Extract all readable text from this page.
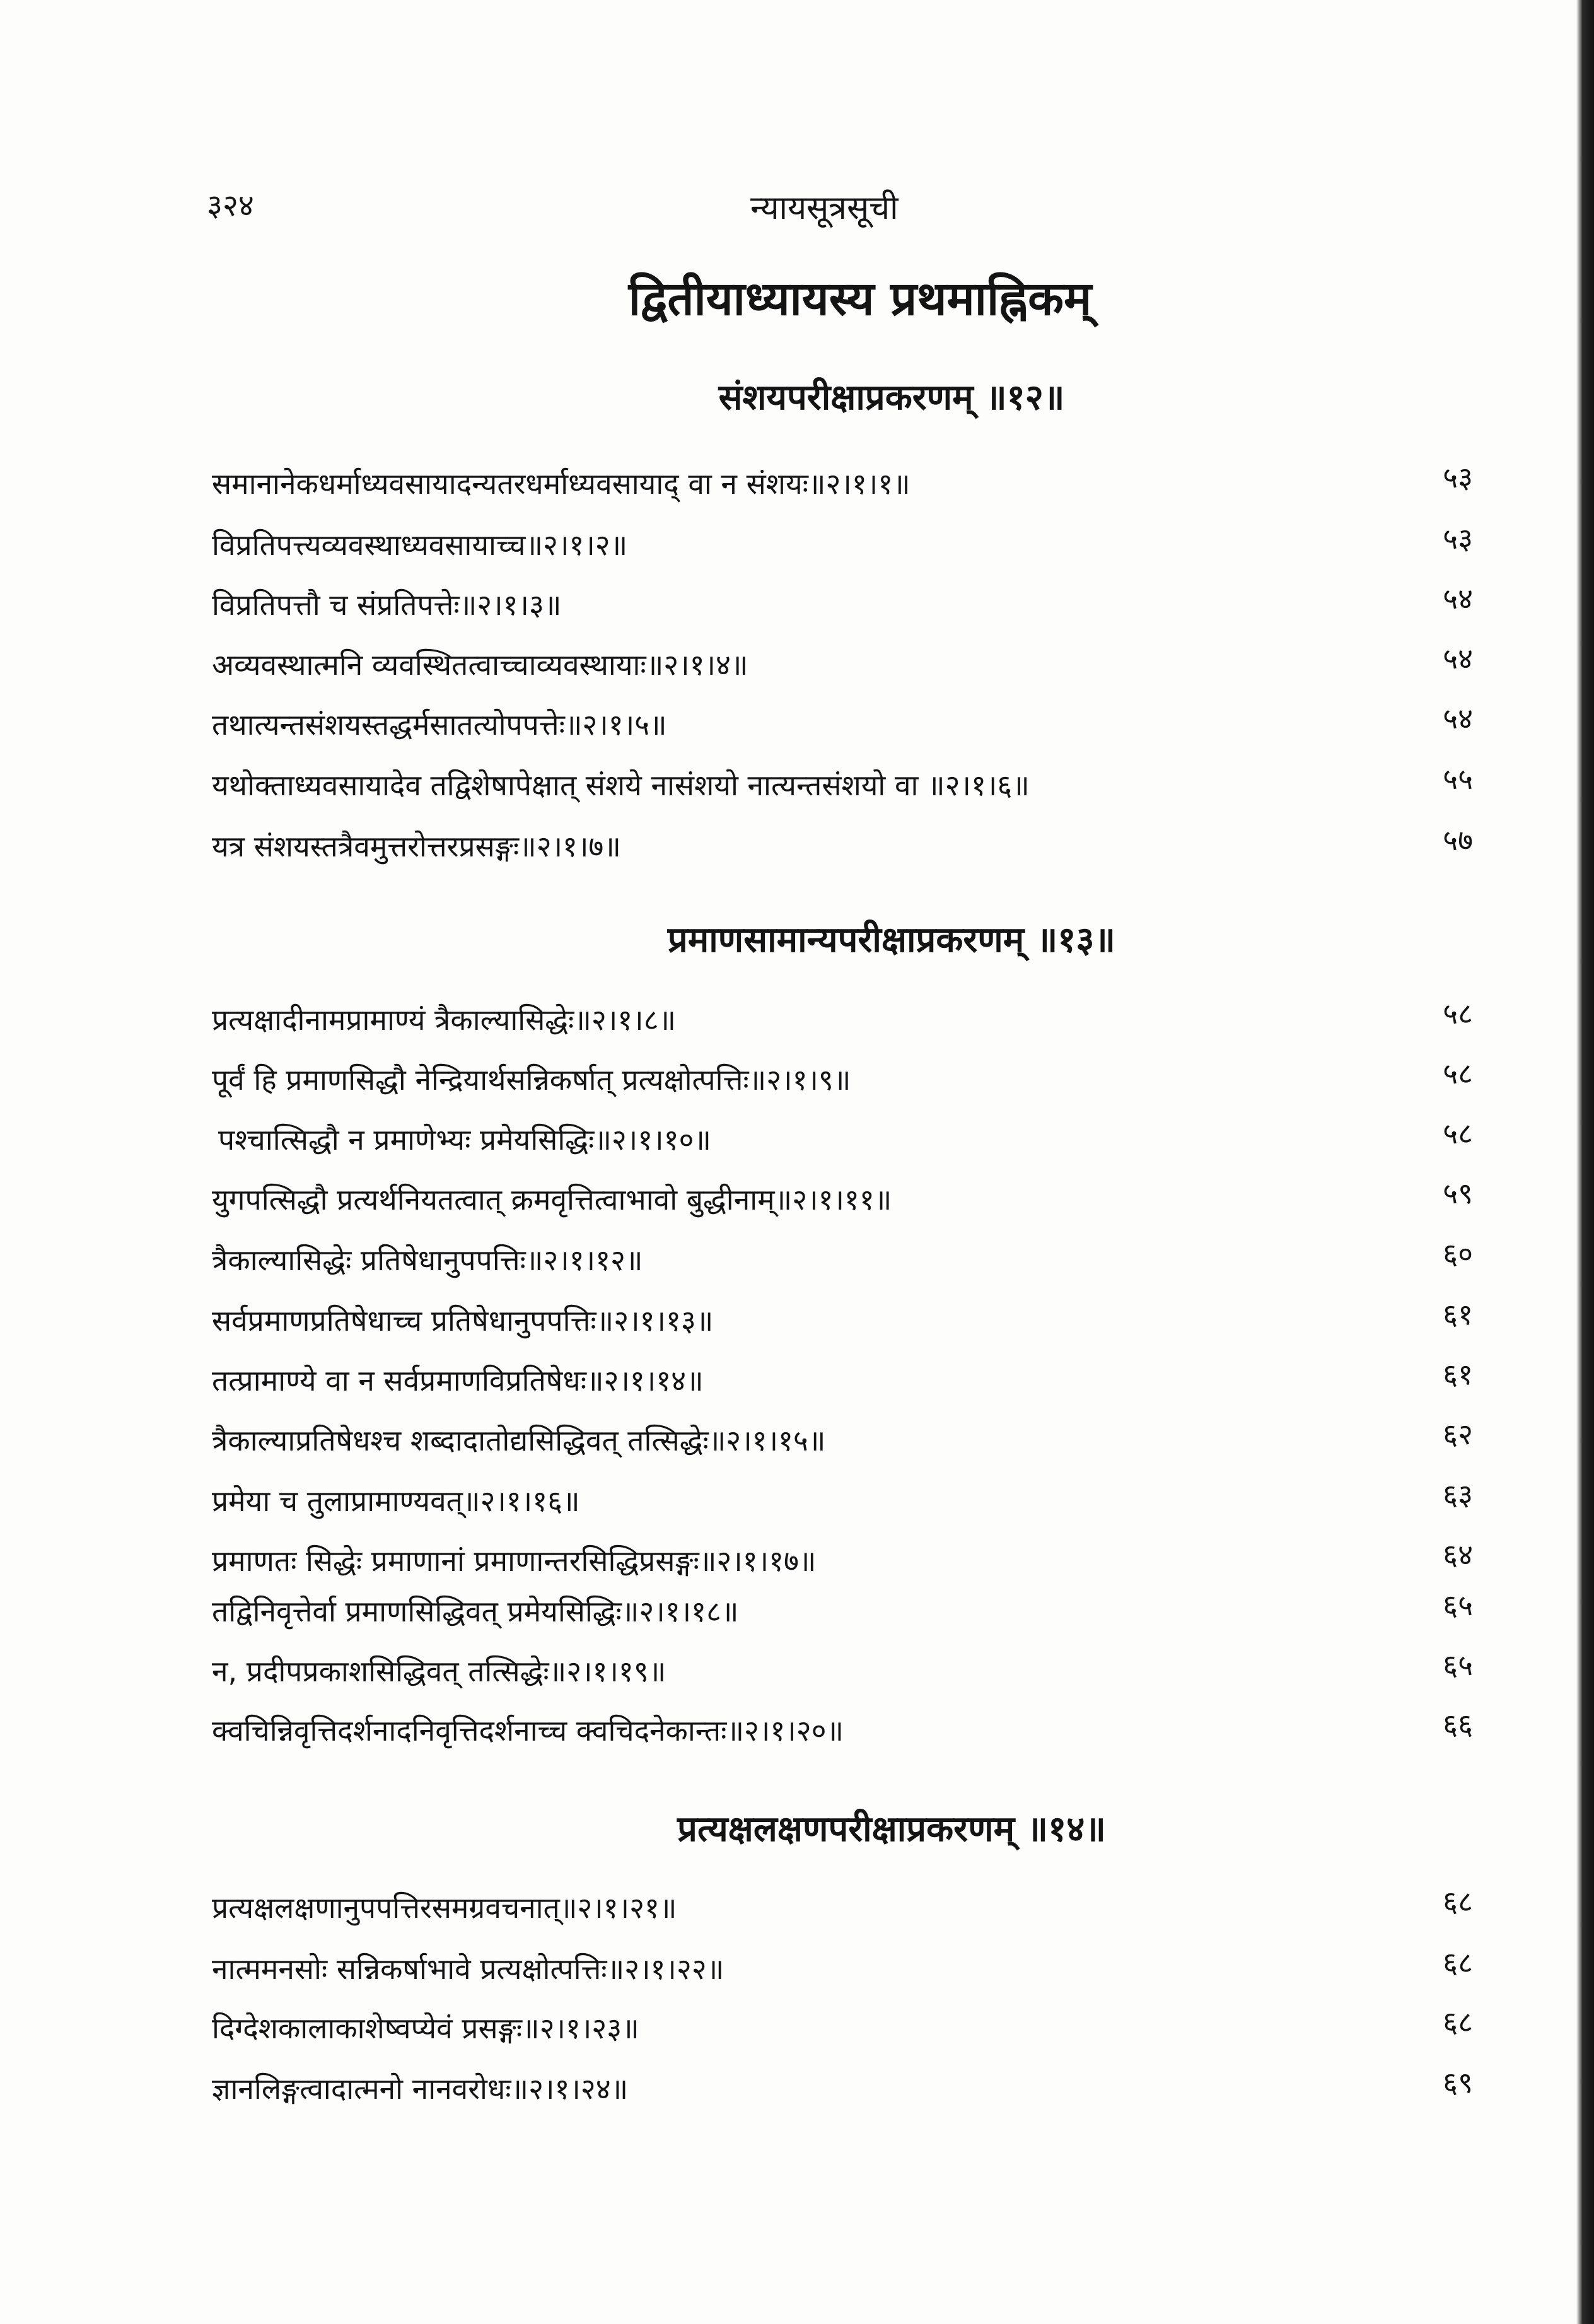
३२४	न्यायसूत्रसूची
द्वितीयाध्यायस्य प्रथमाह्निकम्
संशयपरीक्षाप्रकरणम् ॥१२॥
समानानेकधर्माध्यवसायादन्यतरधर्माध्यवसायाद् वा न संशयः॥२।१।१॥	५३
विप्रतिपत्त्यव्यवस्थाध्यवसायाच्च॥२।१।२॥	५३
विप्रतिपत्तौ च संप्रतिपत्तेः॥२।१।३॥	५४
अव्यवस्थात्मनि व्यवस्थितत्वाच्चाव्यवस्थायाः॥२।१।४॥	५४
तथात्यन्तसंशयस्तद्धर्मसातत्योपपत्तेः॥२।१।५॥	५४
यथोक्ताध्यवसायादेव तद्विशेषापेक्षात् संशये नासंशयो नात्यन्तसंशयो वा ॥२।१।६॥	५५
यत्र संशयस्तत्रैवमुत्तरोत्तरप्रसङ्गः॥२।१।७॥	५७
प्रमाणसामान्यपरीक्षाप्रकरणम् ॥१३॥
प्रत्यक्षादीनामप्रामाण्यं त्रैकाल्यासिद्धेः॥२।१।८॥	५८
पूर्वं हि प्रमाणसिद्धौ नेन्द्रियार्थसन्निकर्षात् प्रत्यक्षोत्पत्तिः॥२।१।९॥	५८
पश्चात्सिद्धौ न प्रमाणेभ्यः प्रमेयसिद्धिः॥२।१।१०॥	५८
युगपत्सिद्धौ प्रत्यर्थनियतत्वात् क्रमवृत्तित्वाभावो बुद्धीनाम्॥२।१।११॥	५९
त्रैकाल्यासिद्धेः प्रतिषेधानुपपत्तिः॥२।१।१२॥	६०
सर्वप्रमाणप्रतिषेधाच्च प्रतिषेधानुपपत्तिः॥२।१।१३॥	६१
तत्प्रामाण्ये वा न सर्वप्रमाणविप्रतिषेधः॥२।१।१४॥	६१
त्रैकाल्याप्रतिषेधश्च शब्दादातोद्यसिद्धिवत् तत्सिद्धेः॥२।१।१५॥	६२
प्रमेया च तुलाप्रामाण्यवत्॥२।१।१६॥	६३
प्रमाणतः सिद्धेः प्रमाणानां प्रमाणान्तरसिद्धिप्रसङ्गः॥२।१।१७॥	६४
तद्विनिवृत्तेर्वा प्रमाणसिद्धिवत् प्रमेयसिद्धिः॥२।१।१८॥	६५
न, प्रदीपप्रकाशसिद्धिवत् तत्सिद्धेः॥२।१।१९॥	६५
क्वचिन्निवृत्तिदर्शनादनिवृत्तिदर्शनाच्च क्वचिदनेकान्तः॥२।१।२०॥	६६
प्रत्यक्षलक्षणपरीक्षाप्रकरणम् ॥१४॥
प्रत्यक्षलक्षणानुपपत्तिरसमग्रवचनात्॥२।१।२१॥	६८
नात्ममनसोः सन्निकर्षाभावे प्रत्यक्षोत्पत्तिः॥२।१।२२॥	६८
दिग्देशकालाकाशेष्वप्येवं प्रसङ्गः॥२।१।२३॥	६८
ज्ञानलिङ्गत्वादात्मनो नानवरोधः॥२।१।२४॥	६९
